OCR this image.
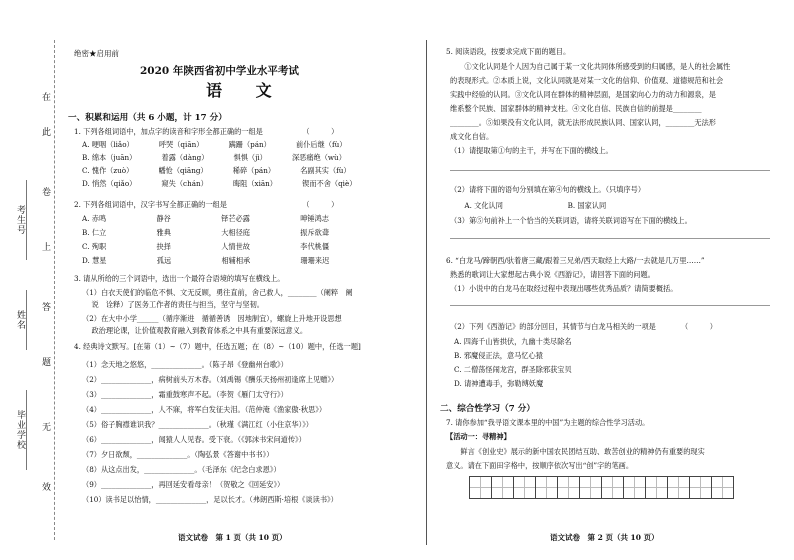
在
此
卷
上
答
题
无
效
考生号
姓名
毕业学校
绝密★启用前
2020 年陕西省初中学业水平考试
语 文
一、积累和运用（共 6 小题，计 17 分）
1. 下列各组词语中，加点字的读音和字形全都正确的一组是　　　　　　（　　　）
A. 哽咽（liǎo）　　　　呼哭（qiān）　　　　蹒跚（pán）　　　　前仆后继（fù）
B. 绵本（juān）　　　　着露（dàng）　　　　惧惧（jì）　　　　深恶痛绝（wù）
C. 愧作（zuò）　　　　幡怆（qiāng）　　　　稀碎（pán）　　　　名副其实（fù）
D. 悄然（qiǎo）　　　　窥失（chán）　　　　晦阻（xiān）　　　　锲而不舍（qiè）
2. 下列各组词语中，汉字书写全都正确的一组是　　　　　　　　　　　（　　　）
A. 赤鸣　　　　　　　静谷　　　　　　　铎芒必露　　　　　　　呻锤鸿志
B. 仁立　　　　　　　雅典　　　　　　　大相径庭　　　　　　　振斥欲聋
C. 殉职　　　　　　　抉择　　　　　　　人情世故　　　　　　　李代桃僵
D. 慧星　　　　　　　孤远　　　　　　　相辅相承　　　　　　　珊珊来迟
3. 请从所给的三个词语中，选出一个最符合语境的填写在横线上。
（1）白衣天使们的临危不惧、文无反顾，勇往直前，舍己救人，________（阑粹　阑
　 说　诠释）了医务工作者的责任与担当，坚守与坚韧。
（2）在大中小学______（循序渐进　循循善诱　因地制宜），螺旋上升地开设思想
　 政治理论课，让价值观教育融入到教育体系之中具有重要深远意义。
4. 经典诗文默写。[在第（1）~（7）题中，任选五题；在（8）~（10）题中，任选一题]
（1）念天地之悠悠，______________。（陈子昂《登幽州台歌》）
（2）______________，病树前头万木春。（刘禹锡《酬乐天扬州初逢席上见赠》）
（3）______________，霜重鼓寒声不起。（李贺《雁门太守行》）
（4）______________，人不寐，将军白发征夫泪。（范仲淹《渔家傲·秋思》）
（5）俗子胸襟谁识我？______________。（秋瑾《满江红（小住京华）》）
（6）______________，闻猿人人见春。受下衰。（《郭沫书宋问道传》）
（7）夕日欲颓，______________。（陶弘景《答谢中书书》）
（8）从这点出发，______________。（毛泽东《纪念白求恩》）
（9）______________，再回延安看母亲！（贺敬之《回延安》）
（10）读书足以怡情，______________，足以长才。（弗朗西斯·培根《谈读书》）
语文试卷　第 1 页（共 10 页）
5. 阅读语段，按要求完成下面的题目。
　　①文化认同是个人因为自己属于某一文化共同体所感受到的归属感，是人的社会属性
的表现形式。②本质上说，文化认同就是对某一文化的信仰、价值观、道德规范和社会
实践中经验的认同。③文化认同在群体的精神层面，是国家向心力的动力和源泉，是
维系整个民族、国家群体的精神支柱。④文化自信、民族自信的前提是________
________。⑤如果没有文化认同，就无法形成民族认同、国家认同，________无法形
成文化自信。
（1）请提取第①句的主干，并写在下面的横线上。
（2）请将下面的语句分别填在第④句的横线上。（只填序号）
　　A. 文化认同　　　　　　　　　B. 国家认同
（3）第⑤句前补上一个恰当的关联词语，请将关联词语写在下面的横线上。
6. “白龙马/蹄朝西/驮着唐三藏/跟着三兄弟/西天取经上大路/一去就是几万里……”
熟悉的歌词让大家想起古典小说《西游记》，请回答下面的问题。
（1）小说中的白龙马在取经过程中表现出哪些优秀品质？请简要概括。
（2）下列《西游记》的部分回目，其情节与白龙马相关的一项是　　　　（　　　）
A. 四海千山皆拱伏，九幽十类尽除名
B. 邪魔侵正法，意马忆心猿
C. 二僧荡怪闹龙宫，群圣除邪获宝贝
D. 请神遭毒手，弥勒缚妖魔
二、综合性学习（7 分）
7. 请你参加“我寻语文课本里的中国”为主题的综合性学习活动。
【活动一：寻精神】
　　鲜言《创业史》展示的新中国农民团结互助、敢苦创业的精神仍有重要的现实
意义。请在下面田字格中，按顺序依次写出“创”字的笔画。
语文试卷　第 2 页（共 10 页）
